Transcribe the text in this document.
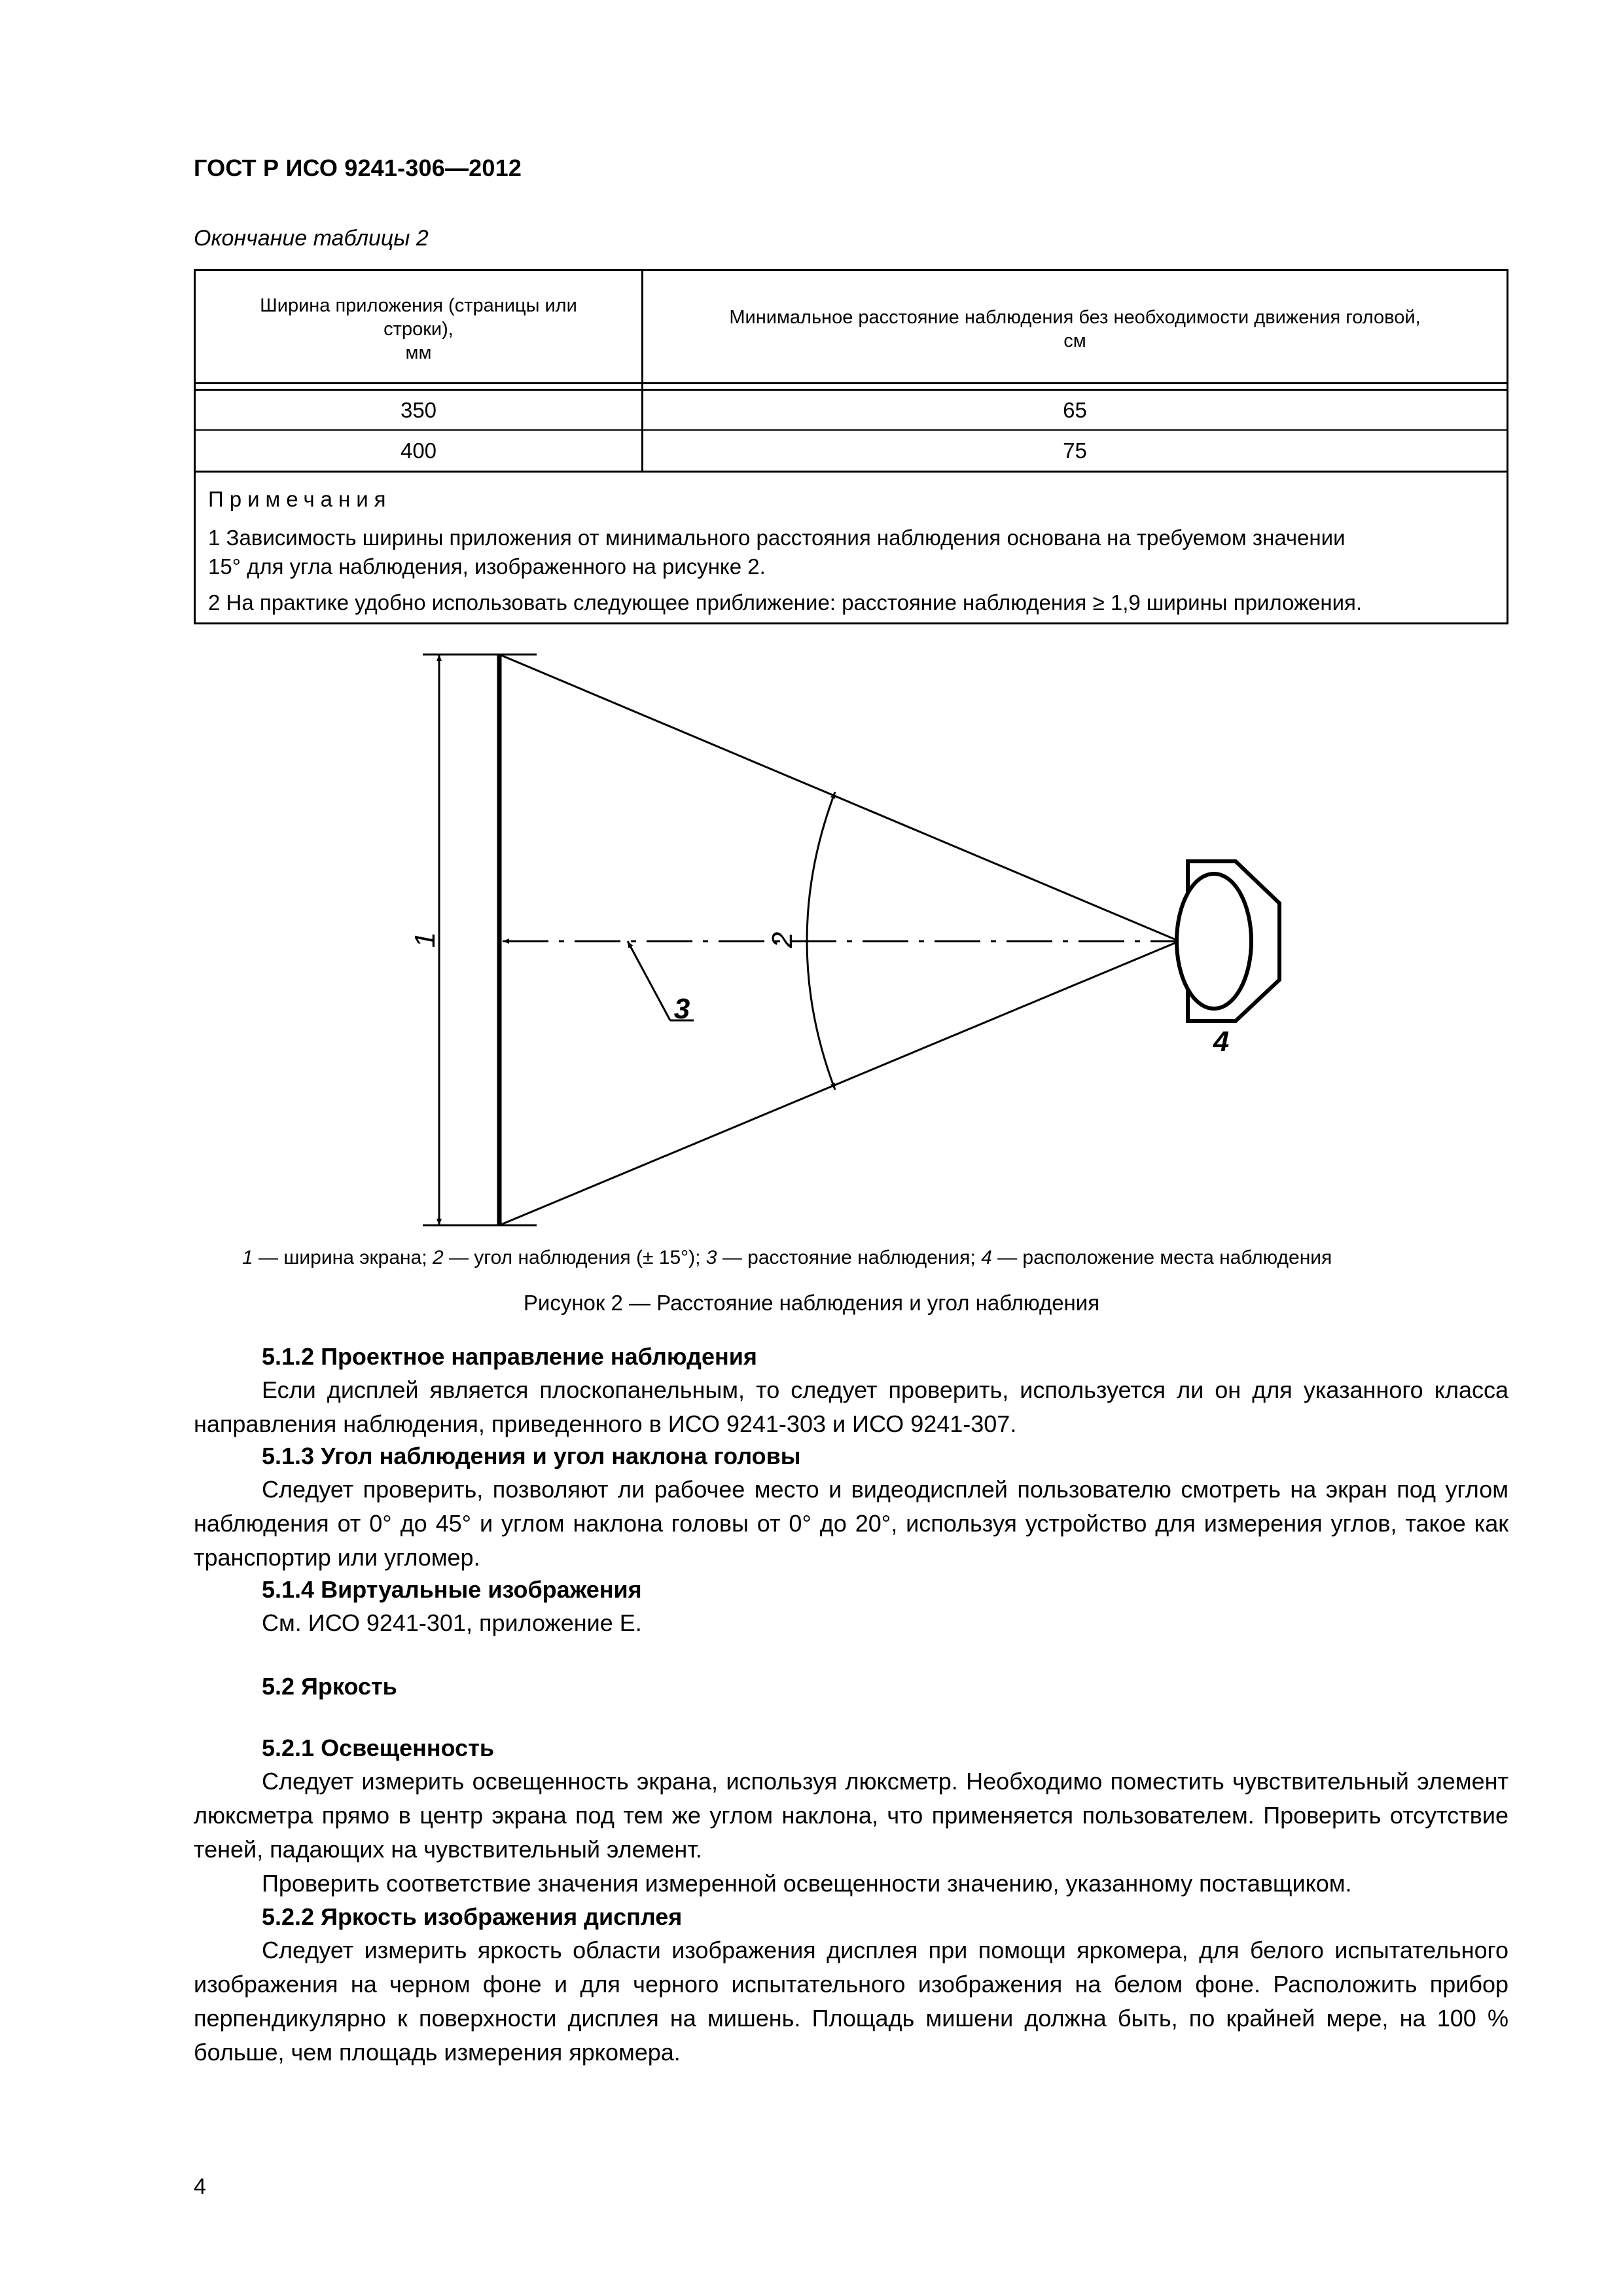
ГОСТ Р ИСО 9241-306—2012
Окончание таблицы 2
Ширина приложения (страницы или
строки),
мм
Минимальное расстояние наблюдения без необходимости движения головой,
см
350	65
400	75
Примечания
1 Зависимость ширины приложения от минимального расстояния наблюдения основана на требуемом значении
15° для угла наблюдения, изображенного на рисунке 2.
2 На практике удобно использовать следующее приближение: расстояние наблюдения ≥ 1,9 ширины приложения.
1	2
3
4
1 — ширина экрана; 2 — угол наблюдения (± 15°); 3 — расстояние наблюдения; 4 — расположение места наблюдения
Рисунок 2 — Расстояние наблюдения и угол наблюдения
5.1.2 Проектное направление наблюдения
Если дисплей является плоскопанельным, то следует проверить, используется ли он для указанного класса направления наблюдения, приведенного в ИСО 9241-303 и ИСО 9241-307.
5.1.3 Угол наблюдения и угол наклона головы
Следует проверить, позволяют ли рабочее место и видеодисплей пользователю смотреть на экран под углом наблюдения от 0° до 45° и углом наклона головы от 0° до 20°, используя устройство для измерения углов, такое как транспортир или угломер.
5.1.4 Виртуальные изображения
См. ИСО 9241-301, приложение Е.
5.2 Яркость
5.2.1 Освещенность
Следует измерить освещенность экрана, используя люксметр. Необходимо поместить чувствительный элемент люксметра прямо в центр экрана под тем же углом наклона, что применяется пользователем. Проверить отсутствие теней, падающих на чувствительный элемент.
Проверить соответствие значения измеренной освещенности значению, указанному поставщиком.
5.2.2 Яркость изображения дисплея
Следует измерить яркость области изображения дисплея при помощи яркомера, для белого испытательного изображения на черном фоне и для черного испытательного изображения на белом фоне. Расположить прибор перпендикулярно к поверхности дисплея на мишень. Площадь мишени должна быть, по крайней мере, на 100 % больше, чем площадь измерения яркомера.
4
